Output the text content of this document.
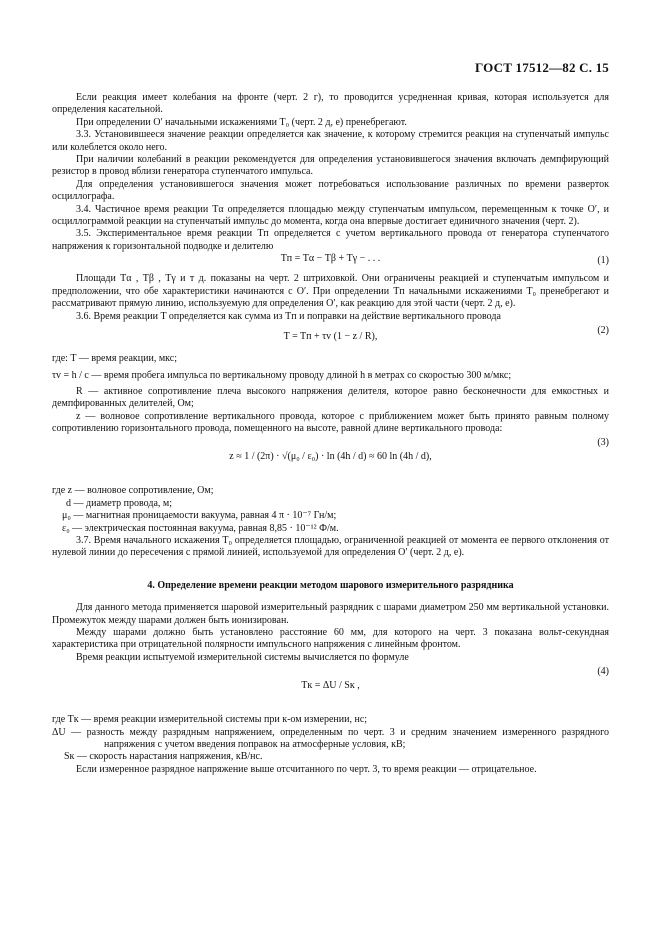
ГОСТ 17512—82 С. 15

Если реакция имеет колебания на фронте (черт. 2 г), то проводится усредненная кривая, которая используется для определения касательной.

При определении O′ начальными искажениями T₀ (черт. 2 д, е) пренебрегают.

3.3. Установившееся значение реакции определяется как значение, к которому стремится реакция на ступенчатый импульс или колеблется около него.

При наличии колебаний в реакции рекомендуется для определения установившегося значения включать демпфирующий резистор в провод вблизи генератора ступенчатого импульса.

Для определения установившегося значения может потребоваться использование различных по времени разверток осциллографа.

3.4. Частичное время реакции Tα определяется площадью между ступенчатым импульсом, перемещенным к точке O′, и осциллограммой реакции на ступенчатый импульс до момента, когда она впервые достигает единичного значения (черт. 2).

3.5. Экспериментальное время реакции Tп определяется с учетом вертикального провода от генератора ступенчатого напряжения к горизонтальной подводке и делителю

Tп = Tα − Tβ + Tγ − . . .	(1)

Площади Tα , Tβ , Tγ и т д. показаны на черт. 2 штриховкой. Они ограничены реакцией и ступенчатым импульсом и предположении, что обе характеристики начинаются с O′. При определении Tп начальными искажениями T₀ пренебрегают и рассматривают прямую линию, используемую для определения O′, как реакцию для этой части (черт. 2 д, е).

3.6. Время реакции T определяется как сумма из Tп и поправки на действие вертикального провода

T = Tп + τv (1 − z / R),
(2)

где: T — время реакции, мкс;

τv = h / c — время пробега импульса по вертикальному проводу длиной h в метрах со скоростью 300 м/мкс;

R — активное сопротивление плеча высокого напряжения делителя, которое равно бесконечности для емкостных и демпфированных делителей, Ом;

z — волновое сопротивление вертикального провода, которое с приближением может быть принято равным полному сопротивлению горизонтального провода, помещенного на высоте, равной длине вертикального провода:

z ≈ 1 / (2π) · √(μ₀ / ε₀) · ln (4h / d) ≈ 60 ln (4h / d),
(3)

где z — волновое сопротивление, Ом;

d — диаметр провода, м;

μ₀ — магнитная проницаемости вакуума, равная 4 π · 10⁻⁷ Гн/м;

ε₀ — электрическая постоянная вакуума, равная 8,85 · 10⁻¹² Ф/м.

3.7. Время начального искажения T₀ определяется площадью, ограниченной реакцией от момента ее первого отклонения от нулевой линии до пересечения с прямой линией, используемой для определения O′ (черт. 2 д, е).

4. Определение времени реакции методом шарового измерительного разрядника

Для данного метода применяется шаровой измерительный разрядник с шарами диаметром 250 мм вертикальной установки. Промежуток между шарами должен быть ионизирован.

Между шарами должно быть установлено расстояние 60 мм, для которого на черт. 3 показана вольт-секундная характеристика при отрицательной полярности импульсного напряжения с линейным фронтом.

Время реакции испытуемой измерительной системы вычисляется по формуле

Tк = ΔU / Sк ,
(4)

где Tк — время реакции измерительной системы при к-ом измерении, нс;

ΔU — разность между разрядным напряжением, определенным по черт. 3 и средним значением измеренного разрядного напряжения с учетом введения поправок на атмосферные условия, кВ;

Sк — скорость нарастания напряжения, кВ/нс.

Если измеренное разрядное напряжение выше отсчитанного по черт. 3, то время реакции — отрицательное.
